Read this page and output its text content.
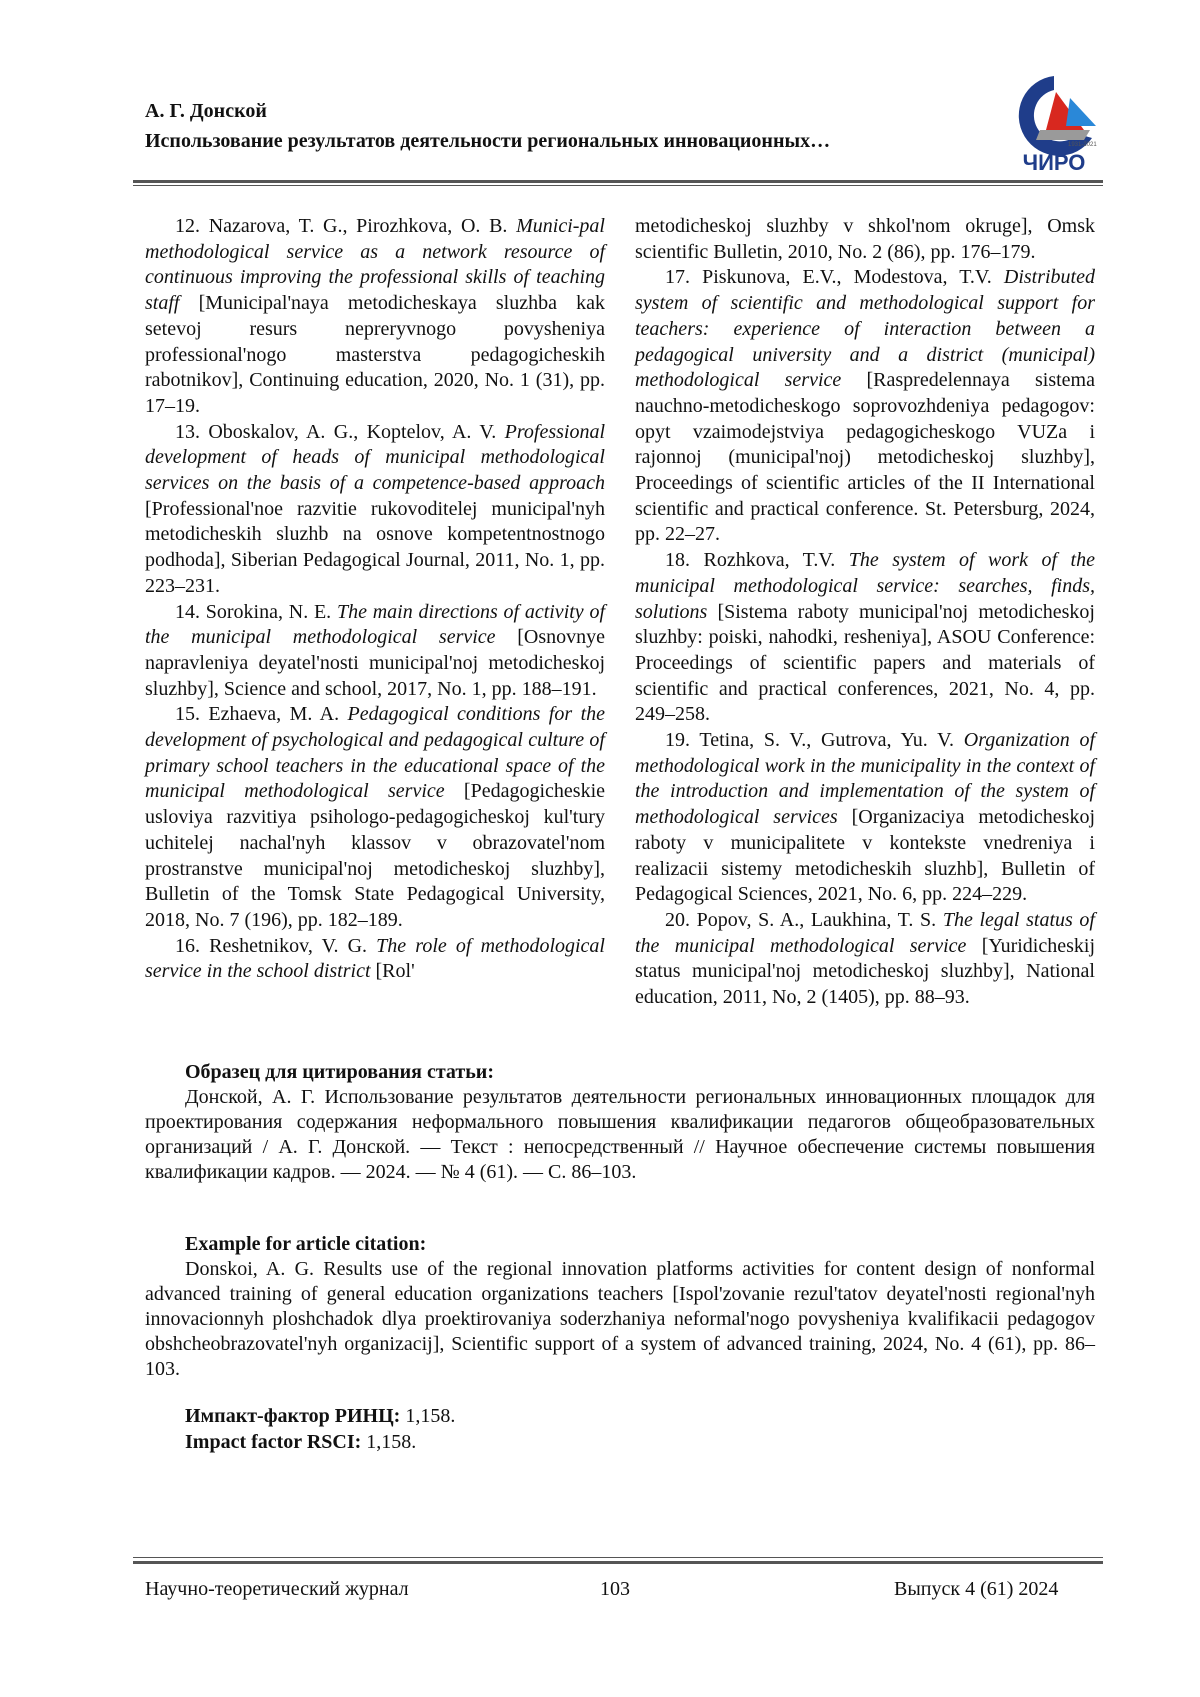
А. Г. Донской
Использование результатов деятельности региональных инновационных…	1931-2021
ЧИРО

12. Nazarova, T. G., Pirozhkova, O. B. Munici-pal methodological service as a network resource of continuous improving the professional skills of teaching staff [Municipal'naya metodicheskaya sluzhba kak setevoj resurs nepreryvnogo povysheniya professional'nogo masterstva pedagogicheskih rabotnikov], Continuing education, 2020, No. 1 (31), pp. 17–19.

13. Oboskalov, A. G., Koptelov, A. V. Professional development of heads of municipal methodological services on the basis of a competence-based approach [Professional'noe razvitie rukovoditelej municipal'nyh metodicheskih sluzhb na osnove kompetentnostnogo podhoda], Siberian Pedagogical Journal, 2011, No. 1, pp. 223–231.

14. Sorokina, N. E. The main directions of activity of the municipal methodological service [Osnovnye napravleniya deyatel'nosti municipal'noj metodicheskoj sluzhby], Science and school, 2017, No. 1, pp. 188–191.

15. Ezhaeva, M. A. Pedagogical conditions for the development of psychological and pedagogical culture of primary school teachers in the educational space of the municipal methodological service [Pedagogicheskie usloviya razvitiya psihologo-pedagogicheskoj kul'tury uchitelej nachal'nyh klassov v obrazovatel'nom prostranstve municipal'noj metodicheskoj sluzhby], Bulletin of the Tomsk State Pedagogical University, 2018, No. 7 (196), pp. 182–189.

16. Reshetnikov, V. G. The role of methodological service in the school district [Rol'

metodicheskoj sluzhby v shkol'nom okruge], Omsk scientific Bulletin, 2010, No. 2 (86), pp. 176–179.

17. Piskunova, E.V., Modestova, T.V. Distributed system of scientific and methodological support for teachers: experience of interaction between a pedagogical university and a district (municipal) methodological service [Raspredelennaya sistema nauchno-metodicheskogo soprovozhdeniya pedagogov: opyt vzaimodejstviya pedagogicheskogo VUZa i rajonnoj (municipal'noj) metodicheskoj sluzhby], Proceedings of scientific articles of the II International scientific and practical conference. St. Petersburg, 2024, pp. 22–27.

18. Rozhkova, T.V. The system of work of the municipal methodological service: searches, finds, solutions [Sistema raboty municipal'noj metodicheskoj sluzhby: poiski, nahodki, resheniya], ASOU Conference: Proceedings of scientific papers and materials of scientific and practical conferences, 2021, No. 4, pp. 249–258.

19. Tetina, S. V., Gutrova, Yu. V. Organization of methodological work in the municipality in the context of the introduction and implementation of the system of methodological services [Organizaciya metodicheskoj raboty v municipalitete v kontekste vnedreniya i realizacii sistemy metodicheskih sluzhb], Bulletin of Pedagogical Sciences, 2021, No. 6, pp. 224–229.

20. Popov, S. A., Laukhina, T. S. The legal status of the municipal methodological service [Yuridicheskij status municipal'noj metodicheskoj sluzhby], National education, 2011, No, 2 (1405), pp. 88–93.

Образец для цитирования статьи:

Донской, А. Г. Использование результатов деятельности региональных инновационных площадок для проектирования содержания неформального повышения квалификации педагогов общеобразовательных организаций / А. Г. Донской. — Текст : непосредственный // Научное обеспечение системы повышения квалификации кадров. — 2024. — № 4 (61). — С. 86–103.

Example for article citation:

Donskoi, A. G. Results use of the regional innovation platforms activities for content design of nonformal advanced training of general education organizations teachers [Ispol'zovanie rezul'tatov deyatel'nosti regional'nyh innovacionnyh ploshchadok dlya proektirovaniya soderzhaniya neformal'nogo povysheniya kvalifikacii pedagogov obshcheobrazovatel'nyh organizacij], Scientific support of a system of advanced training, 2024, No. 4 (61), pp. 86–103.

Импакт-фактор РИНЦ: 1,158.
Impact factor RSCI: 1,158.
Научно-теоретический журнал	103	Выпуск 4 (61) 2024
